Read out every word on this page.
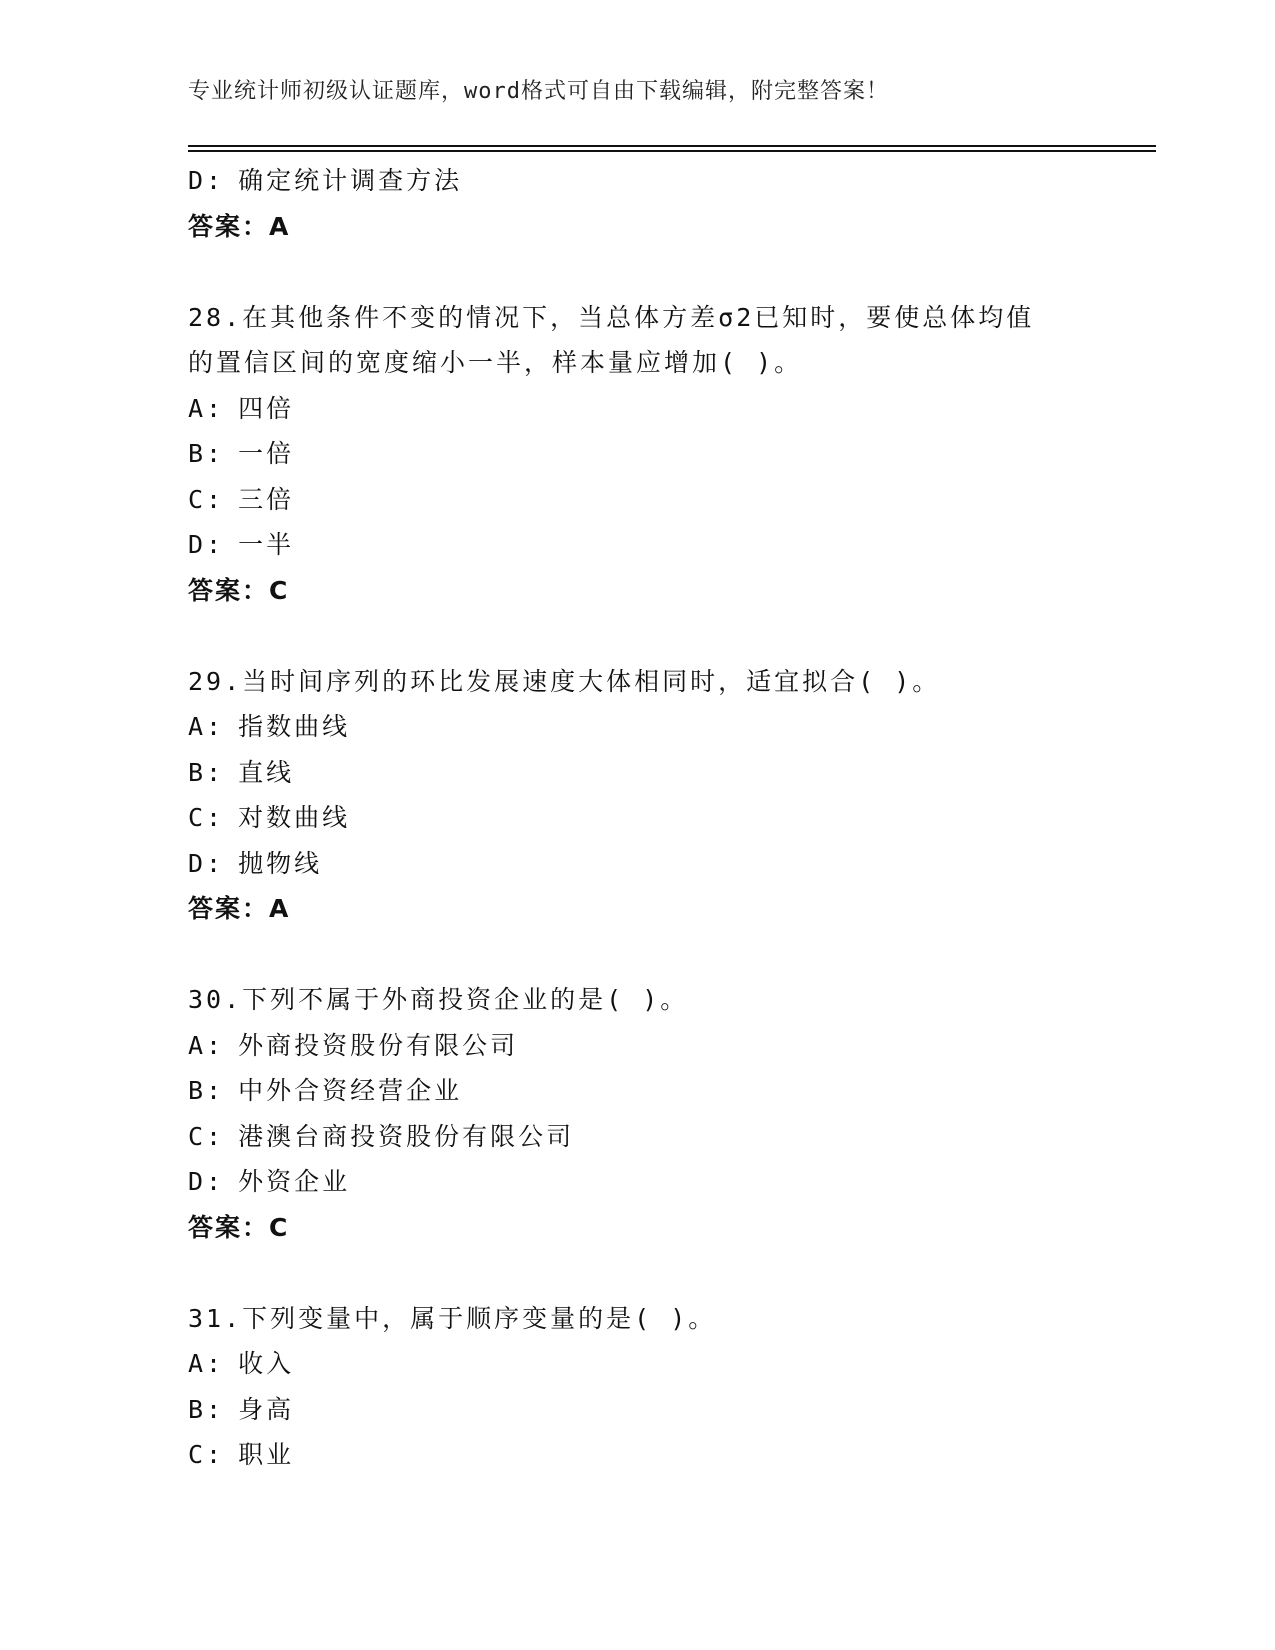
专业统计师初级认证题库，word格式可自由下载编辑，附完整答案！
D: 确定统计调查方法
答案：A
28.在其他条件不变的情况下，当总体方差σ2已知时，要使总体均值
的置信区间的宽度缩小一半，样本量应增加( )。
A: 四倍
B: 一倍
C: 三倍
D: 一半
答案：C
29.当时间序列的环比发展速度大体相同时，适宜拟合( )。
A: 指数曲线
B: 直线
C: 对数曲线
D: 抛物线
答案：A
30.下列不属于外商投资企业的是( )。
A: 外商投资股份有限公司
B: 中外合资经营企业
C: 港澳台商投资股份有限公司
D: 外资企业
答案：C
31.下列变量中，属于顺序变量的是( )。
A: 收入
B: 身高
C: 职业
